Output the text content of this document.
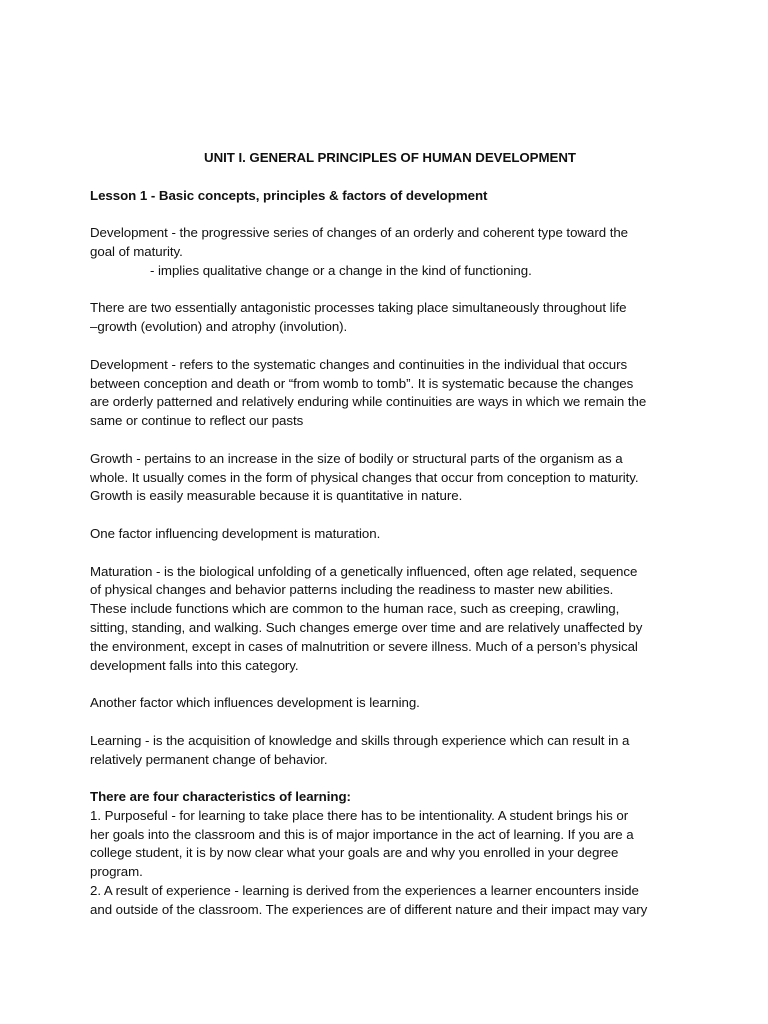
UNIT I. GENERAL PRINCIPLES OF HUMAN DEVELOPMENT

Lesson 1 - Basic concepts, principles & factors of development

Development - the progressive series of changes of an orderly and coherent type toward the

goal of maturity.

- implies qualitative change or a change in the kind of functioning.

There are two essentially antagonistic processes taking place simultaneously throughout life

–growth (evolution) and atrophy (involution).

Development - refers to the systematic changes and continuities in the individual that occurs

between conception and death or “from womb to tomb”. It is systematic because the changes

are orderly patterned and relatively enduring while continuities are ways in which we remain the

same or continue to reflect our pasts

Growth - pertains to an increase in the size of bodily or structural parts of the organism as a

whole. It usually comes in the form of physical changes that occur from conception to maturity.

Growth is easily measurable because it is quantitative in nature.

One factor influencing development is maturation.

Maturation - is the biological unfolding of a genetically influenced, often age related, sequence

of physical changes and behavior patterns including the readiness to master new abilities.

These include functions which are common to the human race, such as creeping, crawling,

sitting, standing, and walking. Such changes emerge over time and are relatively unaffected by

the environment, except in cases of malnutrition or severe illness. Much of a person’s physical

development falls into this category.

Another factor which influences development is learning.

Learning - is the acquisition of knowledge and skills through experience which can result in a

relatively permanent change of behavior.

There are four characteristics of learning:

1. Purposeful - for learning to take place there has to be intentionality. A student brings his or

her goals into the classroom and this is of major importance in the act of learning. If you are a

college student, it is by now clear what your goals are and why you enrolled in your degree

program.

2. A result of experience - learning is derived from the experiences a learner encounters inside

and outside of the classroom. The experiences are of different nature and their impact may vary
